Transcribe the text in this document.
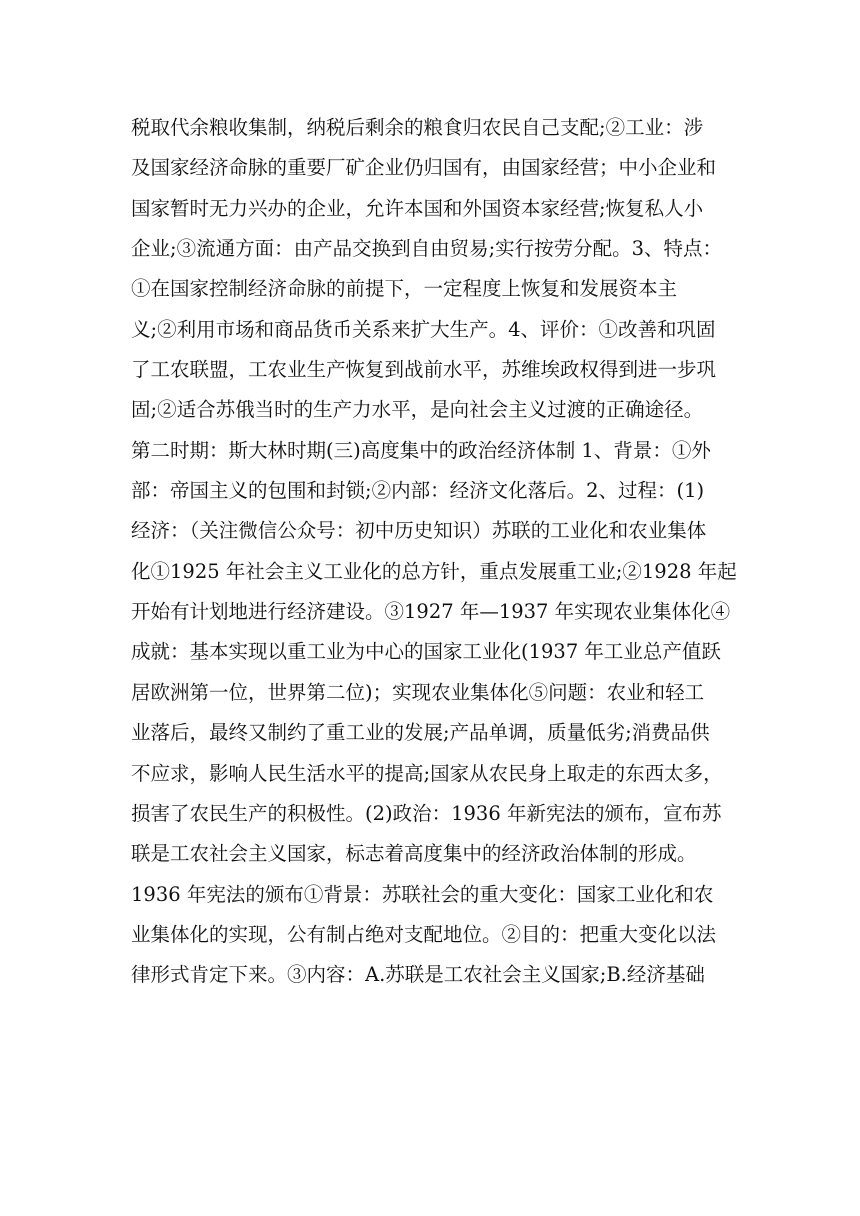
税取代余粮收集制，纳税后剩余的粮食归农民自己支配;②工业：涉
及国家经济命脉的重要厂矿企业仍归国有，由国家经营；中小企业和
国家暂时无力兴办的企业，允许本国和外国资本家经营;恢复私人小
企业;③流通方面：由产品交换到自由贸易;实行按劳分配。3、特点：
①在国家控制经济命脉的前提下，一定程度上恢复和发展资本主
义;②利用市场和商品货币关系来扩大生产。4、评价：①改善和巩固
了工农联盟，工农业生产恢复到战前水平，苏维埃政权得到进一步巩
固;②适合苏俄当时的生产力水平，是向社会主义过渡的正确途径。
第二时期：斯大林时期(三)高度集中的政治经济体制 1、背景：①外
部：帝国主义的包围和封锁;②内部：经济文化落后。2、过程：(1)
经济：（关注微信公众号：初中历史知识）苏联的工业化和农业集体
化①1925 年社会主义工业化的总方针，重点发展重工业;②1928 年起
开始有计划地进行经济建设。③1927 年—1937 年实现农业集体化④
成就：基本实现以重工业为中心的国家工业化(1937 年工业总产值跃
居欧洲第一位，世界第二位)；实现农业集体化⑤问题：农业和轻工
业落后，最终又制约了重工业的发展;产品单调，质量低劣;消费品供
不应求，影响人民生活水平的提高;国家从农民身上取走的东西太多，
损害了农民生产的积极性。(2)政治：1936 年新宪法的颁布，宣布苏
联是工农社会主义国家，标志着高度集中的经济政治体制的形成。
1936 年宪法的颁布①背景：苏联社会的重大变化：国家工业化和农
业集体化的实现，公有制占绝对支配地位。②目的：把重大变化以法
律形式肯定下来。③内容：A.苏联是工农社会主义国家;B.经济基础
